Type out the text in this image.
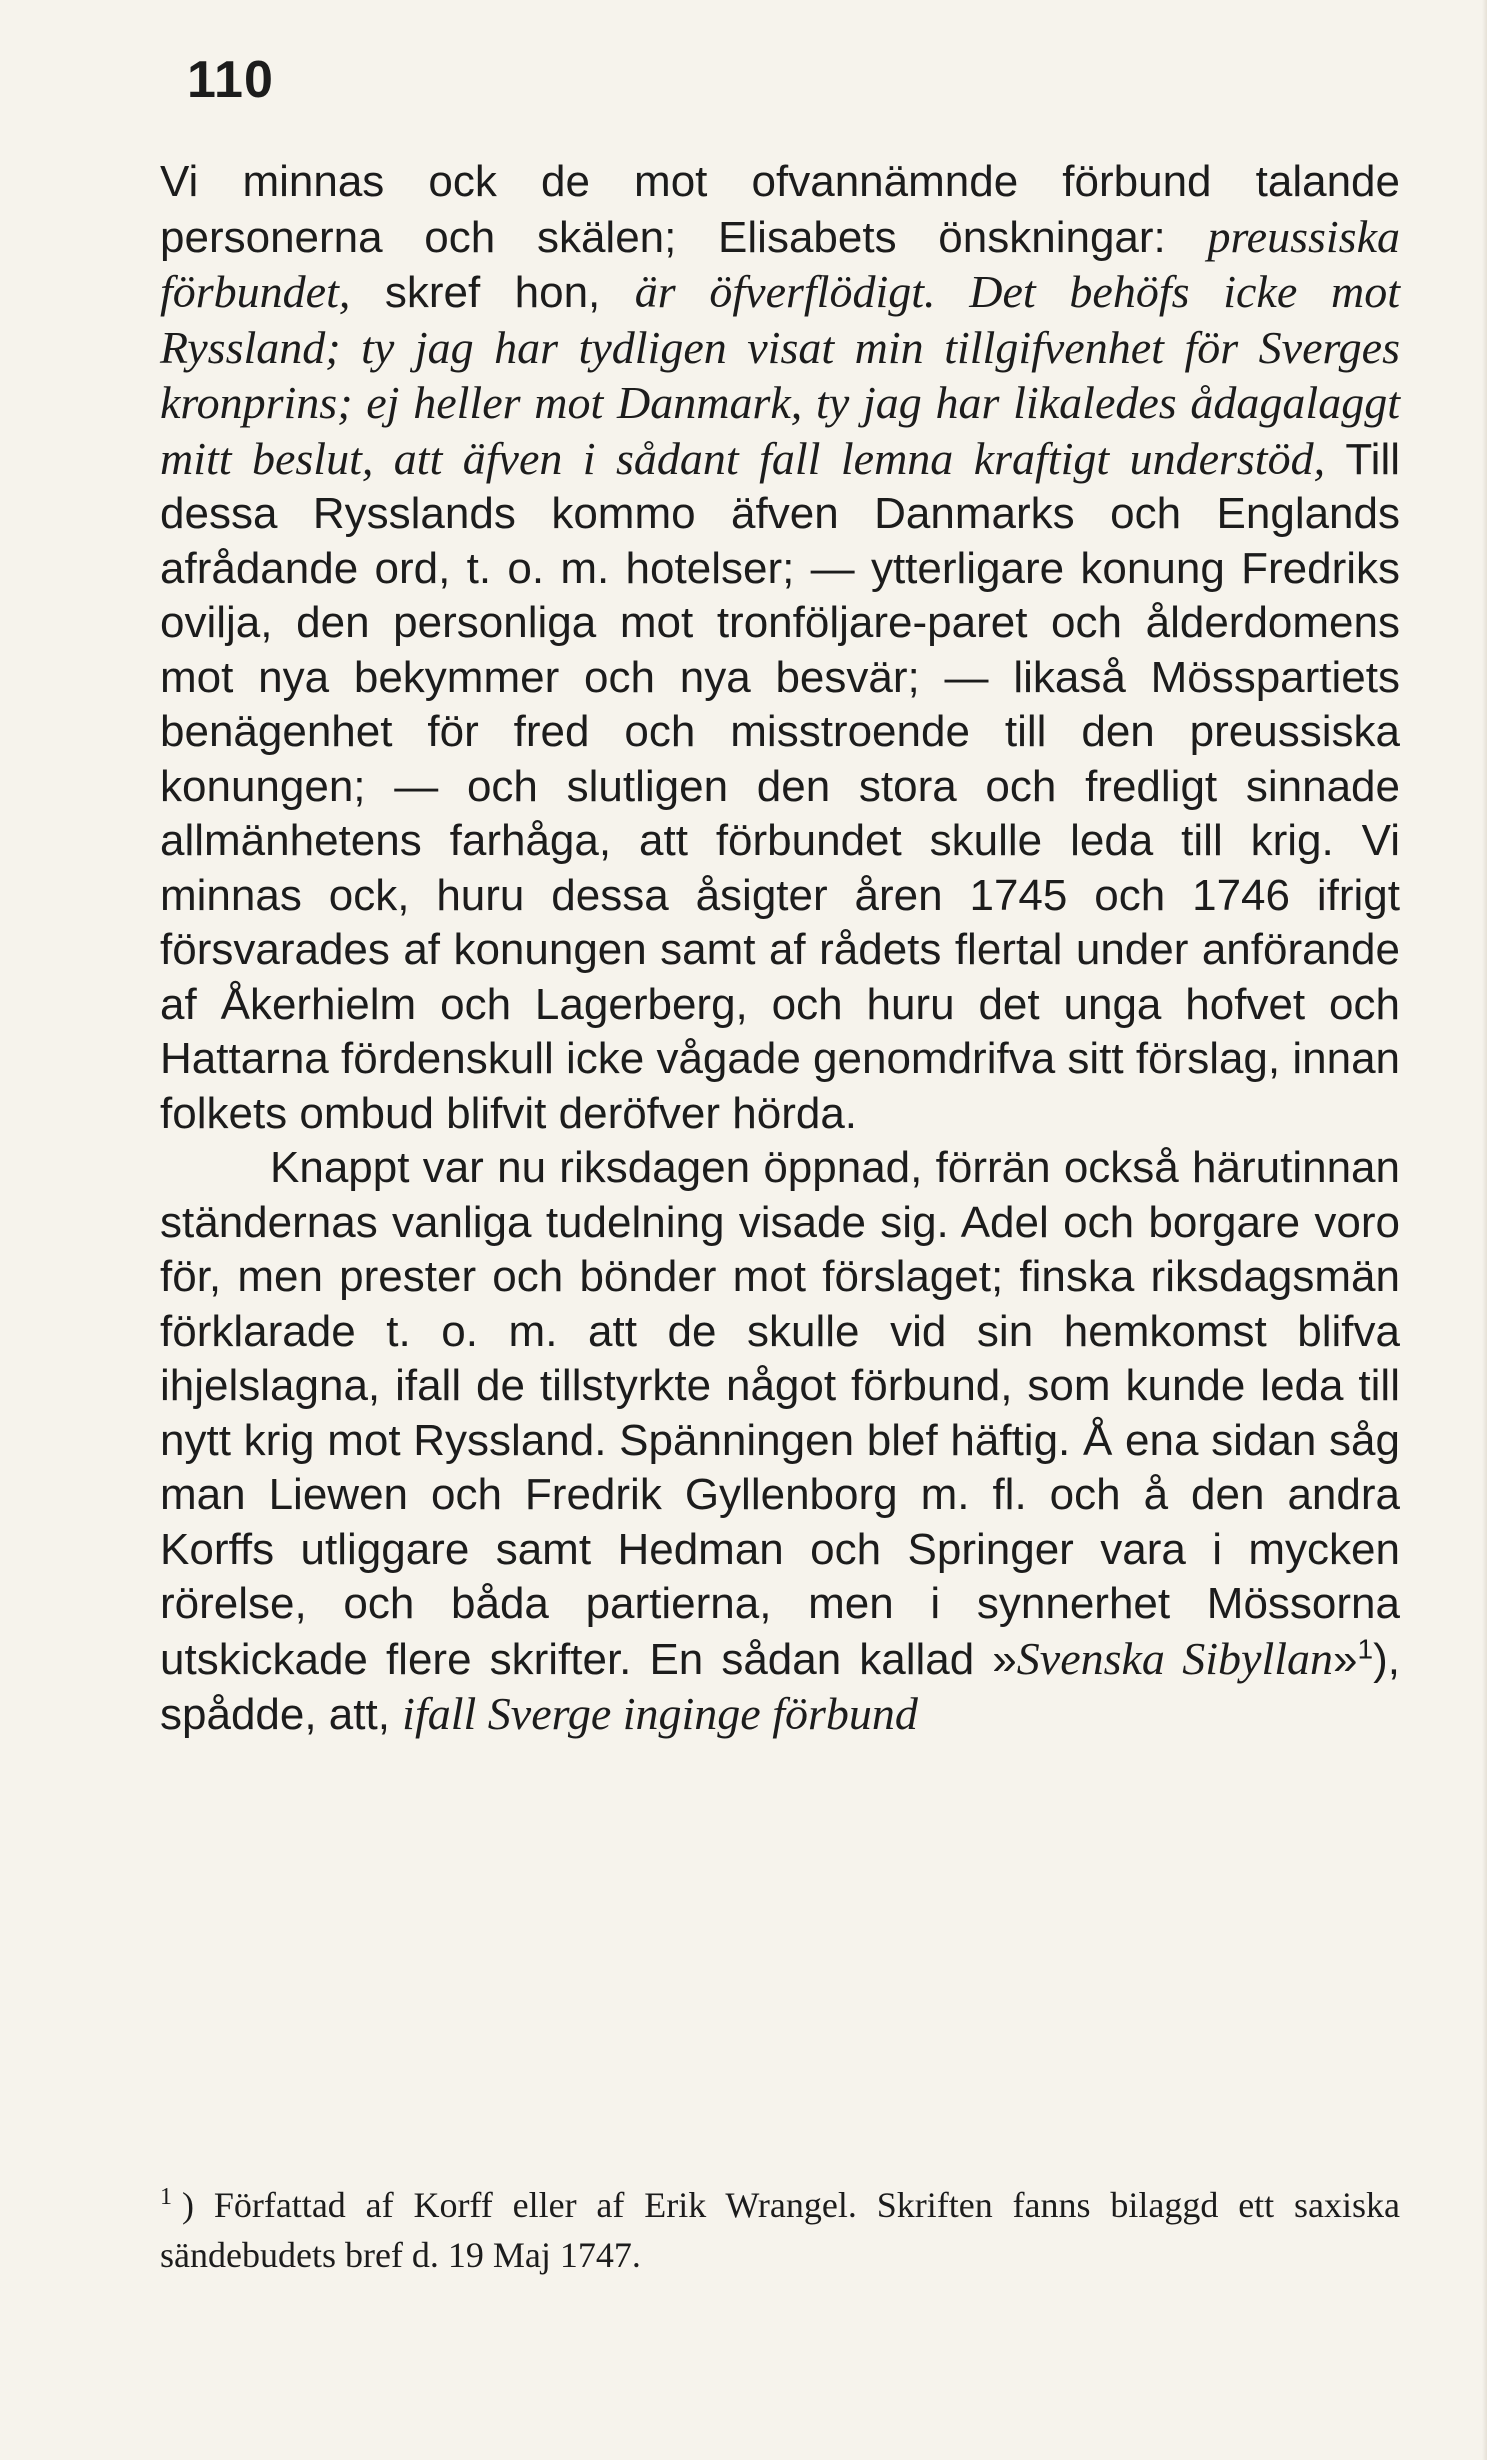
110

Vi minnas ock de mot ofvannämnde förbund talande personerna och skälen; Elisabets önskningar: preussiska förbundet, skref hon, är öfverflödigt. Det behöfs icke mot Ryssland; ty jag har tydligen visat min tillgifvenhet för Sverges kronprins; ej heller mot Danmark, ty jag har likaledes ådagalaggt mitt beslut, att äfven i sådant fall lemna kraftigt understöd, Till dessa Rysslands kommo äfven Danmarks och Englands afrådande ord, t. o. m. hotelser; — ytterligare konung Fredriks ovilja, den personliga mot tronföljare-paret och ålderdomens mot nya bekymmer och nya besvär; — likaså Mösspartiets benägenhet för fred och misstroende till den preussiska konungen; — och slutligen den stora och fredligt sinnade allmänhetens farhåga, att förbundet skulle leda till krig. Vi minnas ock, huru dessa åsigter åren 1745 och 1746 ifrigt försvarades af konungen samt af rådets flertal under anförande af Åkerhielm och Lagerberg, och huru det unga hofvet och Hattarna fördenskull icke vågade genomdrifva sitt förslag, innan folkets ombud blifvit deröfver hörda.

Knappt var nu riksdagen öppnad, förrän också härutinnan ständernas vanliga tudelning visade sig. Adel och borgare voro för, men prester och bönder mot förslaget; finska riksdagsmän förklarade t. o. m. att de skulle vid sin hemkomst blifva ihjelslagna, ifall de tillstyrkte något förbund, som kunde leda till nytt krig mot Ryssland. Spänningen blef häftig. Å ena sidan såg man Liewen och Fredrik Gyllenborg m. fl. och å den andra Korffs utliggare samt Hedman och Springer vara i mycken rörelse, och båda partierna, men i synnerhet Mössorna utskickade flere skrifter. En sådan kallad »Svenska Sibyllan»$^1$), spådde, att, ifall Sverge inginge förbund

$^1$ ) Författad af Korff eller af Erik Wrangel. Skriften fanns bilaggd ett saxiska sändebudets bref d. 19 Maj 1747.
